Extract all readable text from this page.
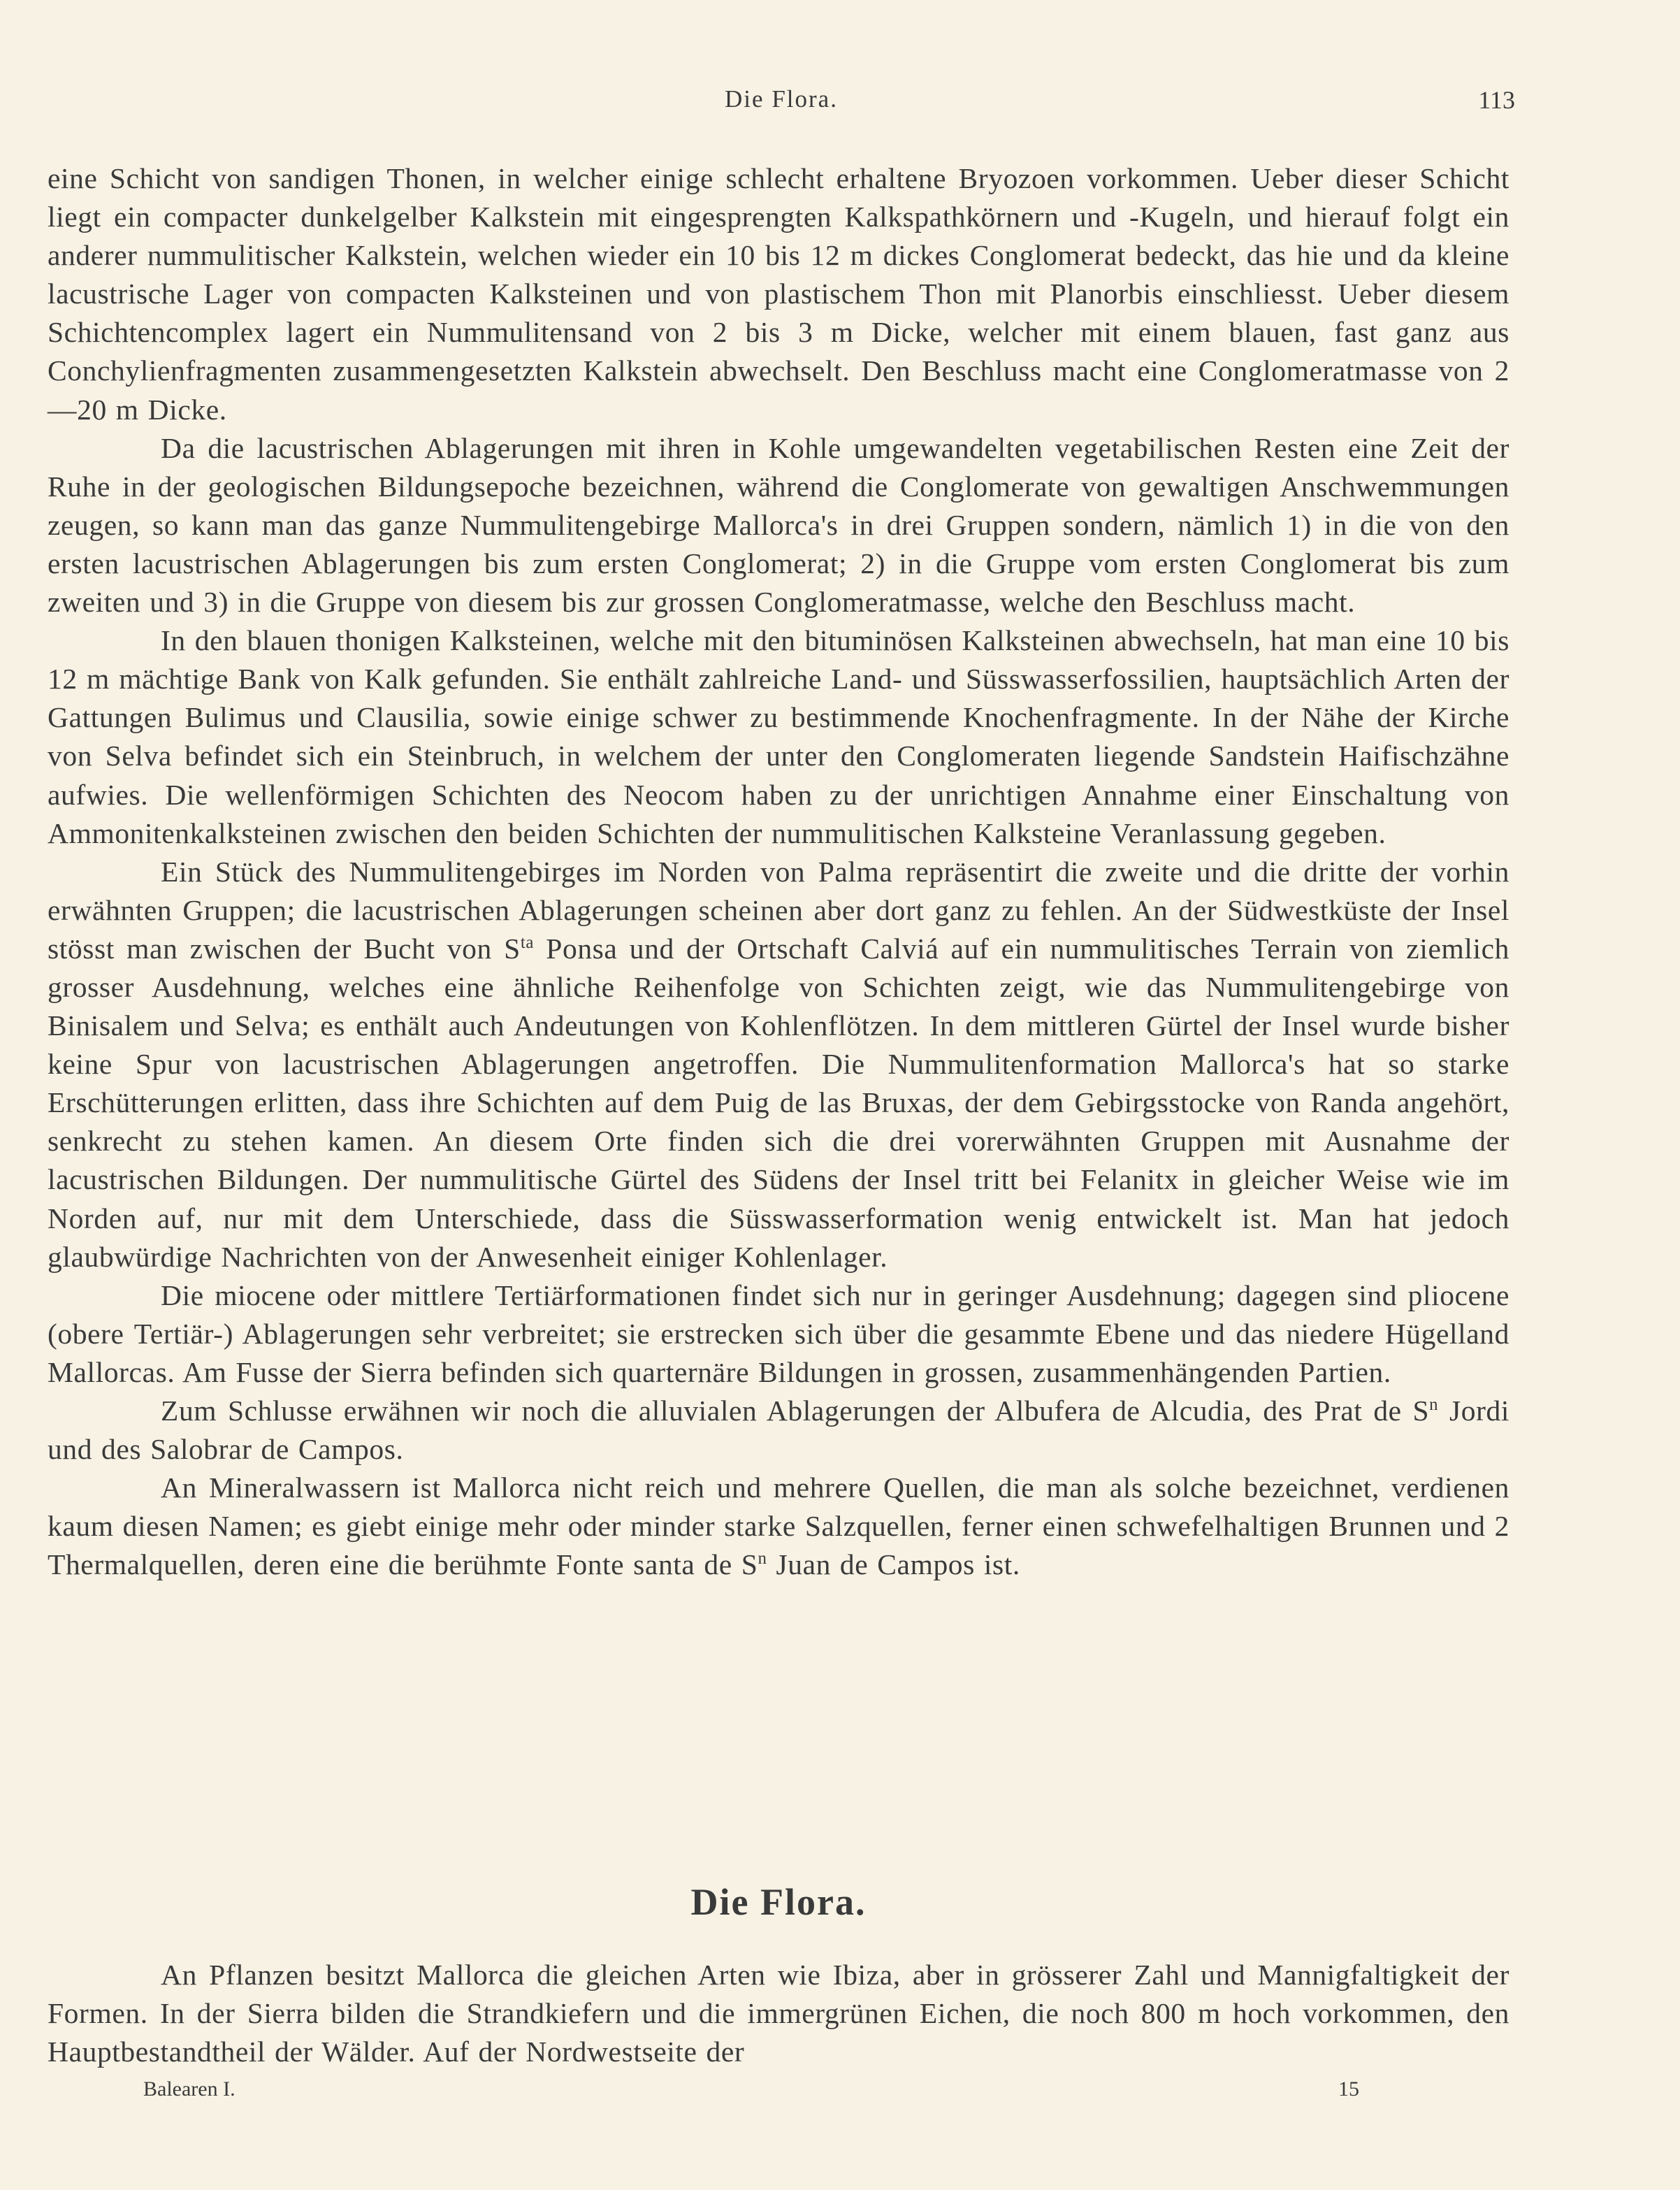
Die Flora.	113

eine Schicht von sandigen Thonen, in welcher einige schlecht erhaltene Bryozoen vorkommen. Ueber dieser Schicht liegt ein compacter dunkelgelber Kalkstein mit eingesprengten Kalkspathkörnern und -Kugeln, und hierauf folgt ein anderer nummulitischer Kalkstein, welchen wieder ein 10 bis 12 m dickes Conglomerat bedeckt, das hie und da kleine lacustrische Lager von compacten Kalksteinen und von plastischem Thon mit Planorbis einschliesst. Ueber diesem Schichtencomplex lagert ein Nummulitensand von 2 bis 3 m Dicke, welcher mit einem blauen, fast ganz aus Conchylienfragmenten zusammengesetzten Kalkstein abwechselt. Den Beschluss macht eine Conglomeratmasse von 2—20 m Dicke.

Da die lacustrischen Ablagerungen mit ihren in Kohle umgewandelten vegetabilischen Resten eine Zeit der Ruhe in der geologischen Bildungsepoche bezeichnen, während die Conglomerate von gewaltigen Anschwemmungen zeugen, so kann man das ganze Nummulitengebirge Mallorca's in drei Gruppen sondern, nämlich 1) in die von den ersten lacustrischen Ablagerungen bis zum ersten Conglomerat; 2) in die Gruppe vom ersten Conglomerat bis zum zweiten und 3) in die Gruppe von diesem bis zur grossen Conglomeratmasse, welche den Beschluss macht.

In den blauen thonigen Kalksteinen, welche mit den bituminösen Kalksteinen abwechseln, hat man eine 10 bis 12 m mächtige Bank von Kalk gefunden. Sie enthält zahlreiche Land- und Süsswasserfossilien, hauptsächlich Arten der Gattungen Bulimus und Clausilia, sowie einige schwer zu bestimmende Knochenfragmente. In der Nähe der Kirche von Selva befindet sich ein Steinbruch, in welchem der unter den Conglomeraten liegende Sandstein Haifischzähne aufwies. Die wellenförmigen Schichten des Neocom haben zu der unrichtigen Annahme einer Einschaltung von Ammonitenkalksteinen zwischen den beiden Schichten der nummulitischen Kalksteine Veranlassung gegeben.

Ein Stück des Nummulitengebirges im Norden von Palma repräsentirt die zweite und die dritte der vorhin erwähnten Gruppen; die lacustrischen Ablagerungen scheinen aber dort ganz zu fehlen. An der Südwestküste der Insel stösst man zwischen der Bucht von $S^{ta}$ Ponsa und der Ortschaft Calviá auf ein nummulitisches Terrain von ziemlich grosser Ausdehnung, welches eine ähnliche Reihenfolge von Schichten zeigt, wie das Nummulitengebirge von Binisalem und Selva; es enthält auch Andeutungen von Kohlenflötzen. In dem mittleren Gürtel der Insel wurde bisher keine Spur von lacustrischen Ablagerungen angetroffen. Die Nummulitenformation Mallorca's hat so starke Erschütterungen erlitten, dass ihre Schichten auf dem Puig de las Bruxas, der dem Gebirgsstocke von Randa angehört, senkrecht zu stehen kamen. An diesem Orte finden sich die drei vorerwähnten Gruppen mit Ausnahme der lacustrischen Bildungen. Der nummulitische Gürtel des Südens der Insel tritt bei Felanitx in gleicher Weise wie im Norden auf, nur mit dem Unterschiede, dass die Süsswasserformation wenig entwickelt ist. Man hat jedoch glaubwürdige Nachrichten von der Anwesenheit einiger Kohlenlager.

Die miocene oder mittlere Tertiärformationen findet sich nur in geringer Ausdehnung; dagegen sind pliocene (obere Tertiär-) Ablagerungen sehr verbreitet; sie erstrecken sich über die gesammte Ebene und das niedere Hügelland Mallorcas. Am Fusse der Sierra befinden sich quarternäre Bildungen in grossen, zusammenhängenden Partien.

Zum Schlusse erwähnen wir noch die alluvialen Ablagerungen der Albufera de Alcudia, des Prat de $S^n$ Jordi und des Salobrar de Campos.

An Mineralwassern ist Mallorca nicht reich und mehrere Quellen, die man als solche bezeichnet, verdienen kaum diesen Namen; es giebt einige mehr oder minder starke Salzquellen, ferner einen schwefelhaltigen Brunnen und 2 Thermalquellen, deren eine die berühmte Fonte santa de $S^n$ Juan de Campos ist.

Die Flora.

An Pflanzen besitzt Mallorca die gleichen Arten wie Ibiza, aber in grösserer Zahl und Mannigfaltigkeit der Formen. In der Sierra bilden die Strandkiefern und die immergrünen Eichen, die noch 800 m hoch vorkommen, den Hauptbestandtheil der Wälder. Auf der Nordwestseite der

Balearen I.	15
